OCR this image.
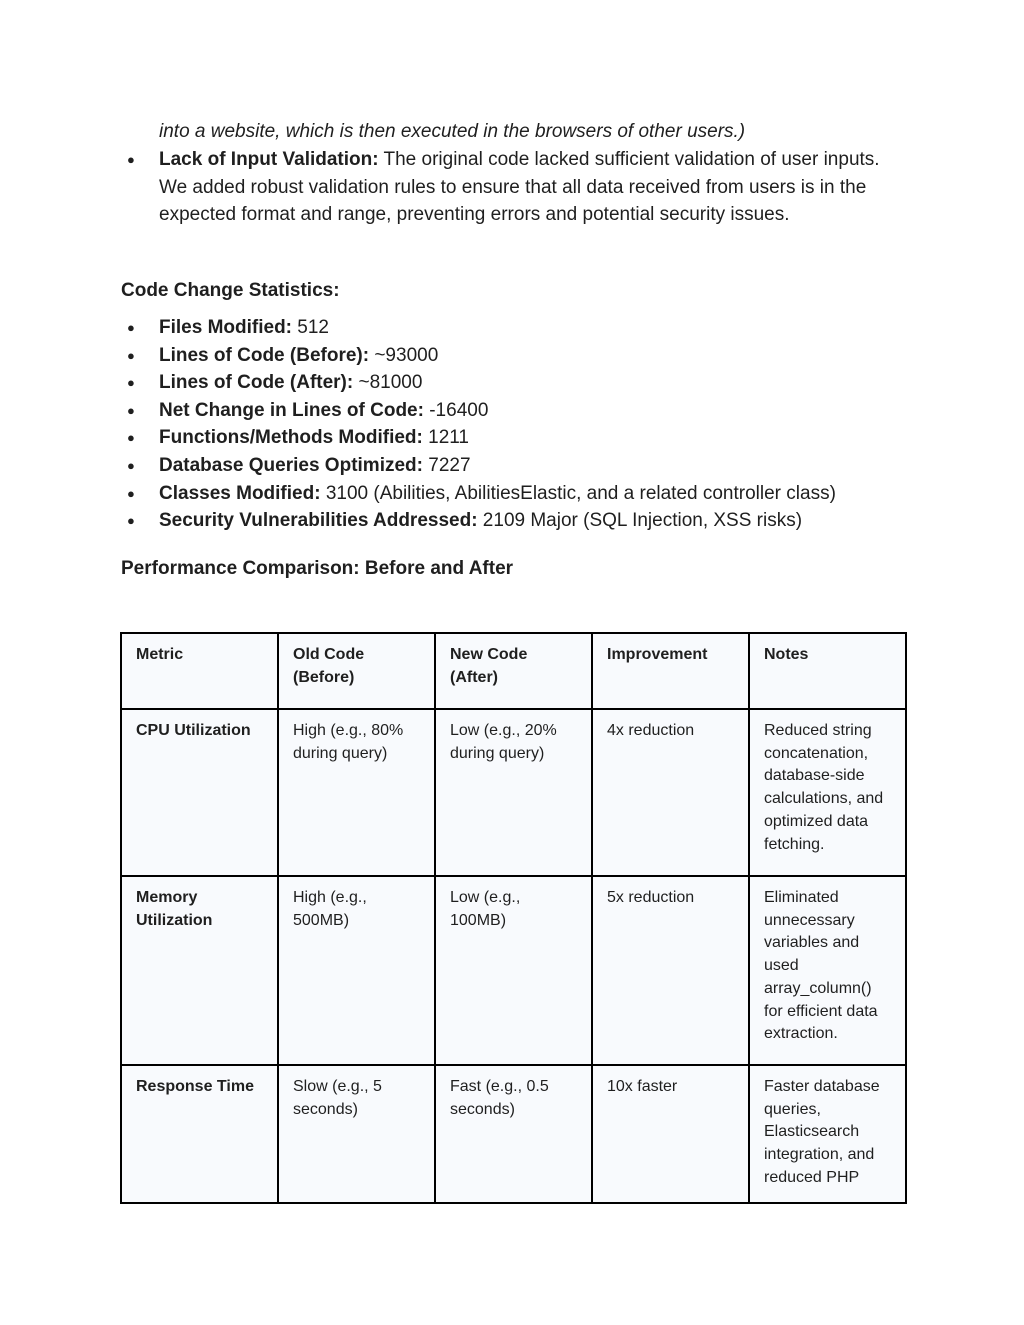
into a website, which is then executed in the browsers of other users.)
● Lack of Input Validation: The original code lacked sufficient validation of user inputs. We added robust validation rules to ensure that all data received from users is in the expected format and range, preventing errors and potential security issues.
Code Change Statistics:
● Files Modified: 512
● Lines of Code (Before): ~93000
● Lines of Code (After): ~81000
● Net Change in Lines of Code: -16400
● Functions/Methods Modified: 1211
● Database Queries Optimized: 7227
● Classes Modified: 3100 (Abilities, AbilitiesElastic, and a related controller class)
● Security Vulnerabilities Addressed: 2109 Major (SQL Injection, XSS risks)
Performance Comparison: Before and After
Metric	Old Code (Before)	New Code (After)	Improvement	Notes
CPU Utilization	High (e.g., 80% during query)	Low (e.g., 20% during query)	4x reduction	Reduced string concatenation, database-side calculations, and optimized data fetching.
Memory Utilization	High (e.g., 500MB)	Low (e.g., 100MB)	5x reduction	Eliminated unnecessary variables and used array_column() for efficient data extraction.
Response Time	Slow (e.g., 5 seconds)	Fast (e.g., 0.5 seconds)	10x faster	Faster database queries, Elasticsearch integration, and reduced PHP
